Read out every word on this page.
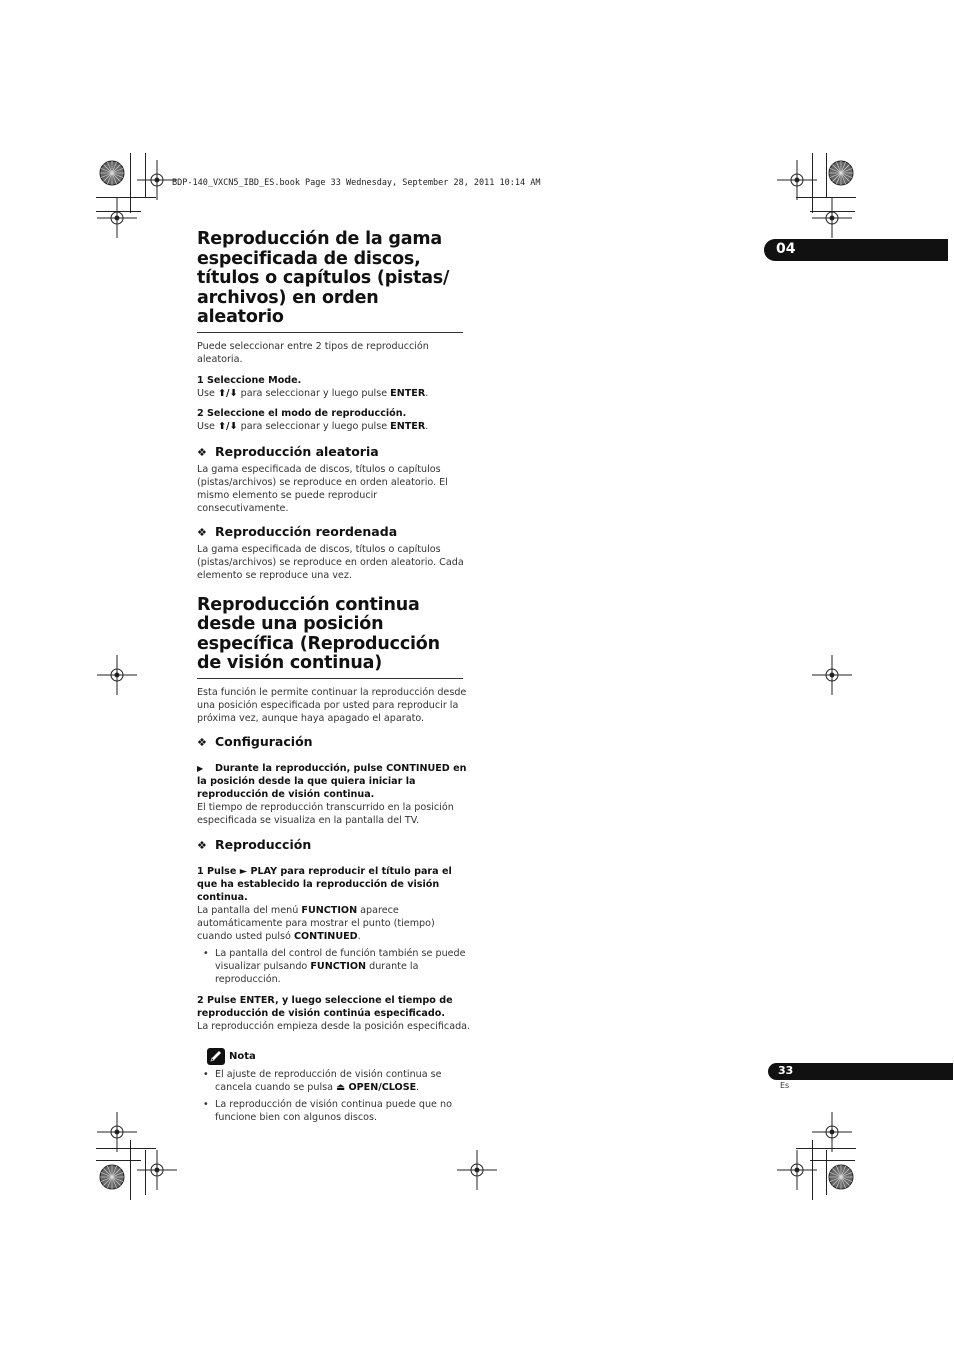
BDP-140_VXCN5_IBD_ES.book Page 33 Wednesday, September 28, 2011 10:14 AM
04
33
Es
Reproducción de la gama especificada de discos, títulos o capítulos (pistas/ archivos) en orden aleatorio

Puede seleccionar entre 2 tipos de reproducción aleatoria.

1 Seleccione Mode.

Use ⬆/⬇ para seleccionar y luego pulse ENTER.

2 Seleccione el modo de reproducción.

Use ⬆/⬇ para seleccionar y luego pulse ENTER.

❖ Reproducción aleatoria

La gama especificada de discos, títulos o capítulos (pistas/archivos) se reproduce en orden aleatorio. El mismo elemento se puede reproducir consecutivamente.

❖ Reproducción reordenada

La gama especificada de discos, títulos o capítulos (pistas/archivos) se reproduce en orden aleatorio. Cada elemento se reproduce una vez.

Reproducción continua desde una posición específica (Reproducción de visión continua)

Esta función le permite continuar la reproducción desde una posición especificada por usted para reproducir la próxima vez, aunque haya apagado el aparato.

❖ Configuración

▶ Durante la reproducción, pulse CONTINUED en la posición desde la que quiera iniciar la reproducción de visión continua.

El tiempo de reproducción transcurrido en la posición especificada se visualiza en la pantalla del TV.

❖ Reproducción

1 Pulse ► PLAY para reproducir el título para el que ha establecido la reproducción de visión continua.

La pantalla del menú FUNCTION aparece automáticamente para mostrar el punto (tiempo) cuando usted pulsó CONTINUED.

• La pantalla del control de función también se puede visualizar pulsando FUNCTION durante la reproducción.

2 Pulse ENTER, y luego seleccione el tiempo de reproducción de visión continúa especificado.

La reproducción empieza desde la posición especificada.

Nota
• El ajuste de reproducción de visión continua se cancela cuando se pulsa ⏏ OPEN/CLOSE.
• La reproducción de visión continua puede que no funcione bien con algunos discos.
